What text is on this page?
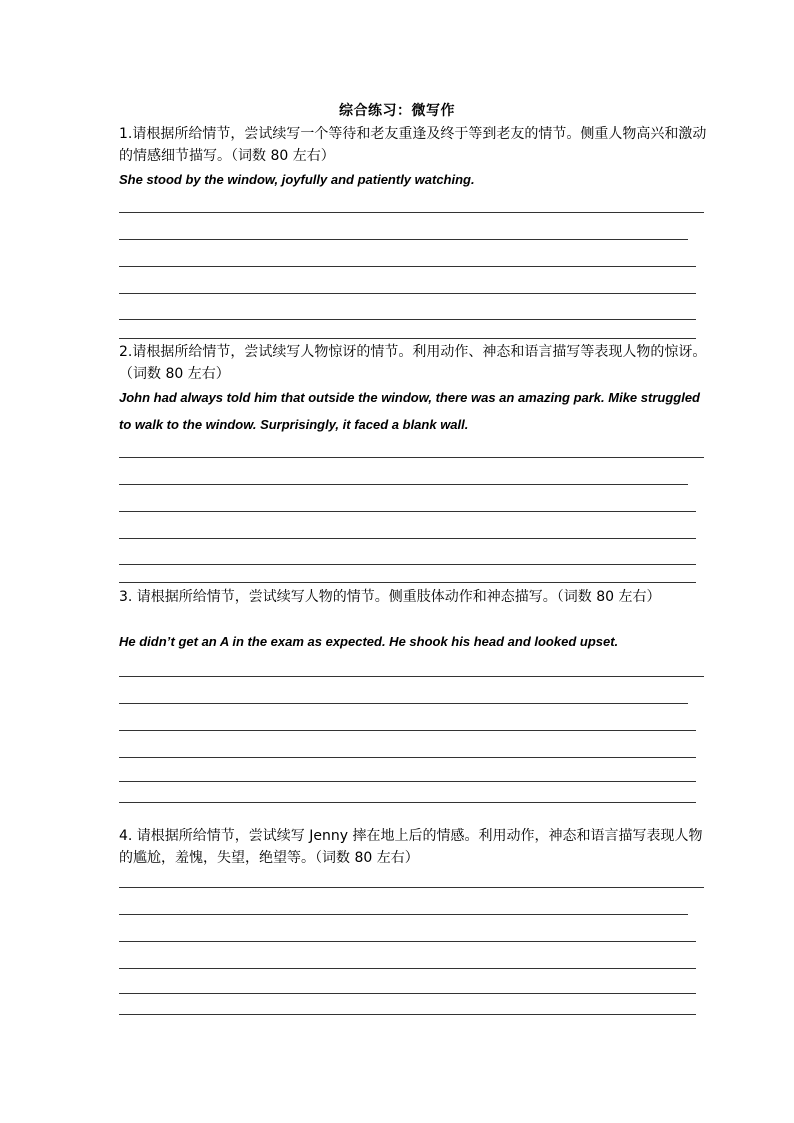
综合练习：微写作
1.请根据所给情节，尝试续写一个等待和老友重逢及终于等到老友的情节。侧重人物高兴和激动的情感细节描写。（词数 80 左右）
She stood by the window, joyfully and patiently watching.
2.请根据所给情节，尝试续写人物惊讶的情节。利用动作、神态和语言描写等表现人物的惊讶。（词数 80 左右）
John had always told him that outside the window, there was an amazing park. Mike struggled to walk to the window. Surprisingly, it faced a blank wall.
3. 请根据所给情节，尝试续写人物的情节。侧重肢体动作和神态描写。（词数 80 左右）
He didn’t get an A in the exam as expected. He shook his head and looked upset.
4. 请根据所给情节，尝试续写 Jenny 摔在地上后的情感。利用动作，神态和语言描写表现人物的尴尬，羞愧，失望，绝望等。（词数 80 左右）
